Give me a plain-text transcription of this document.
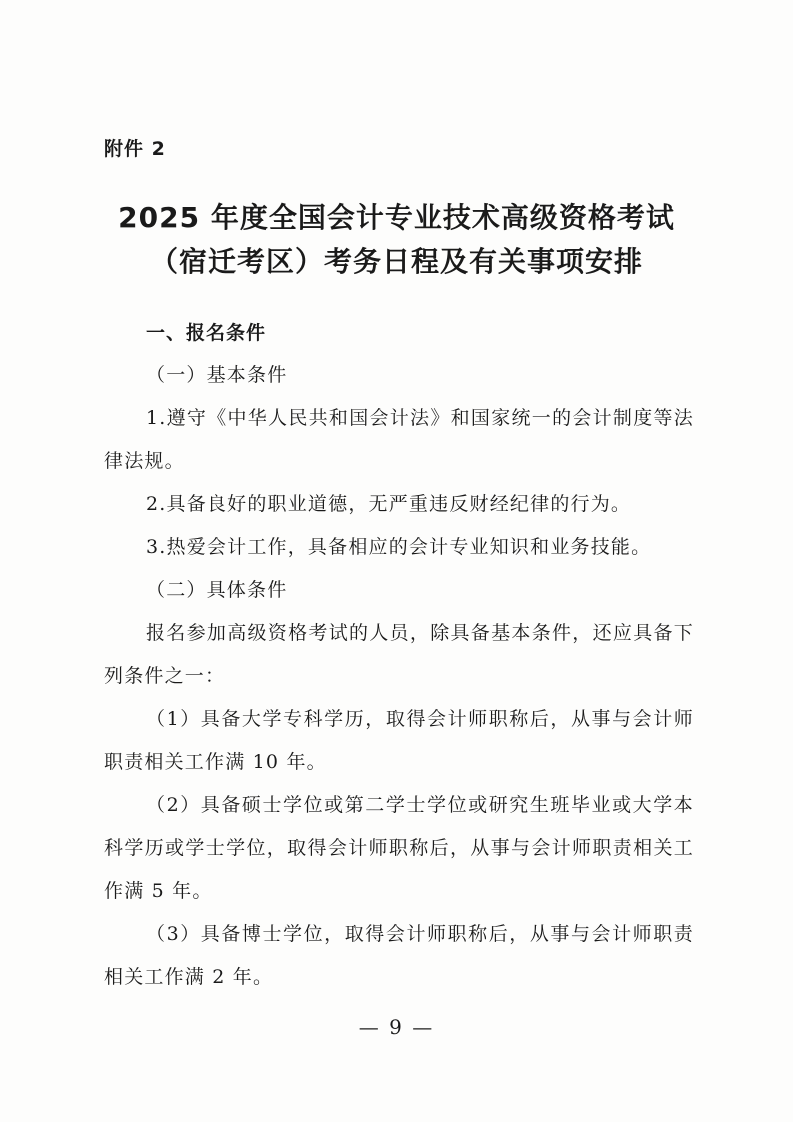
附件 2
2025 年度全国会计专业技术高级资格考试
（宿迁考区）考务日程及有关事项安排
一、报名条件

（一）基本条件

1.遵守《中华人民共和国会计法》和国家统一的会计制度等法律法规。

2.具备良好的职业道德，无严重违反财经纪律的行为。

3.热爱会计工作，具备相应的会计专业知识和业务技能。

（二）具体条件

报名参加高级资格考试的人员，除具备基本条件，还应具备下列条件之一：

（1）具备大学专科学历，取得会计师职称后，从事与会计师职责相关工作满 10 年。

（2）具备硕士学位或第二学士学位或研究生班毕业或大学本科学历或学士学位，取得会计师职称后，从事与会计师职责相关工作满 5 年。

（3）具备博士学位，取得会计师职称后，从事与会计师职责相关工作满 2 年。

— 9 —
